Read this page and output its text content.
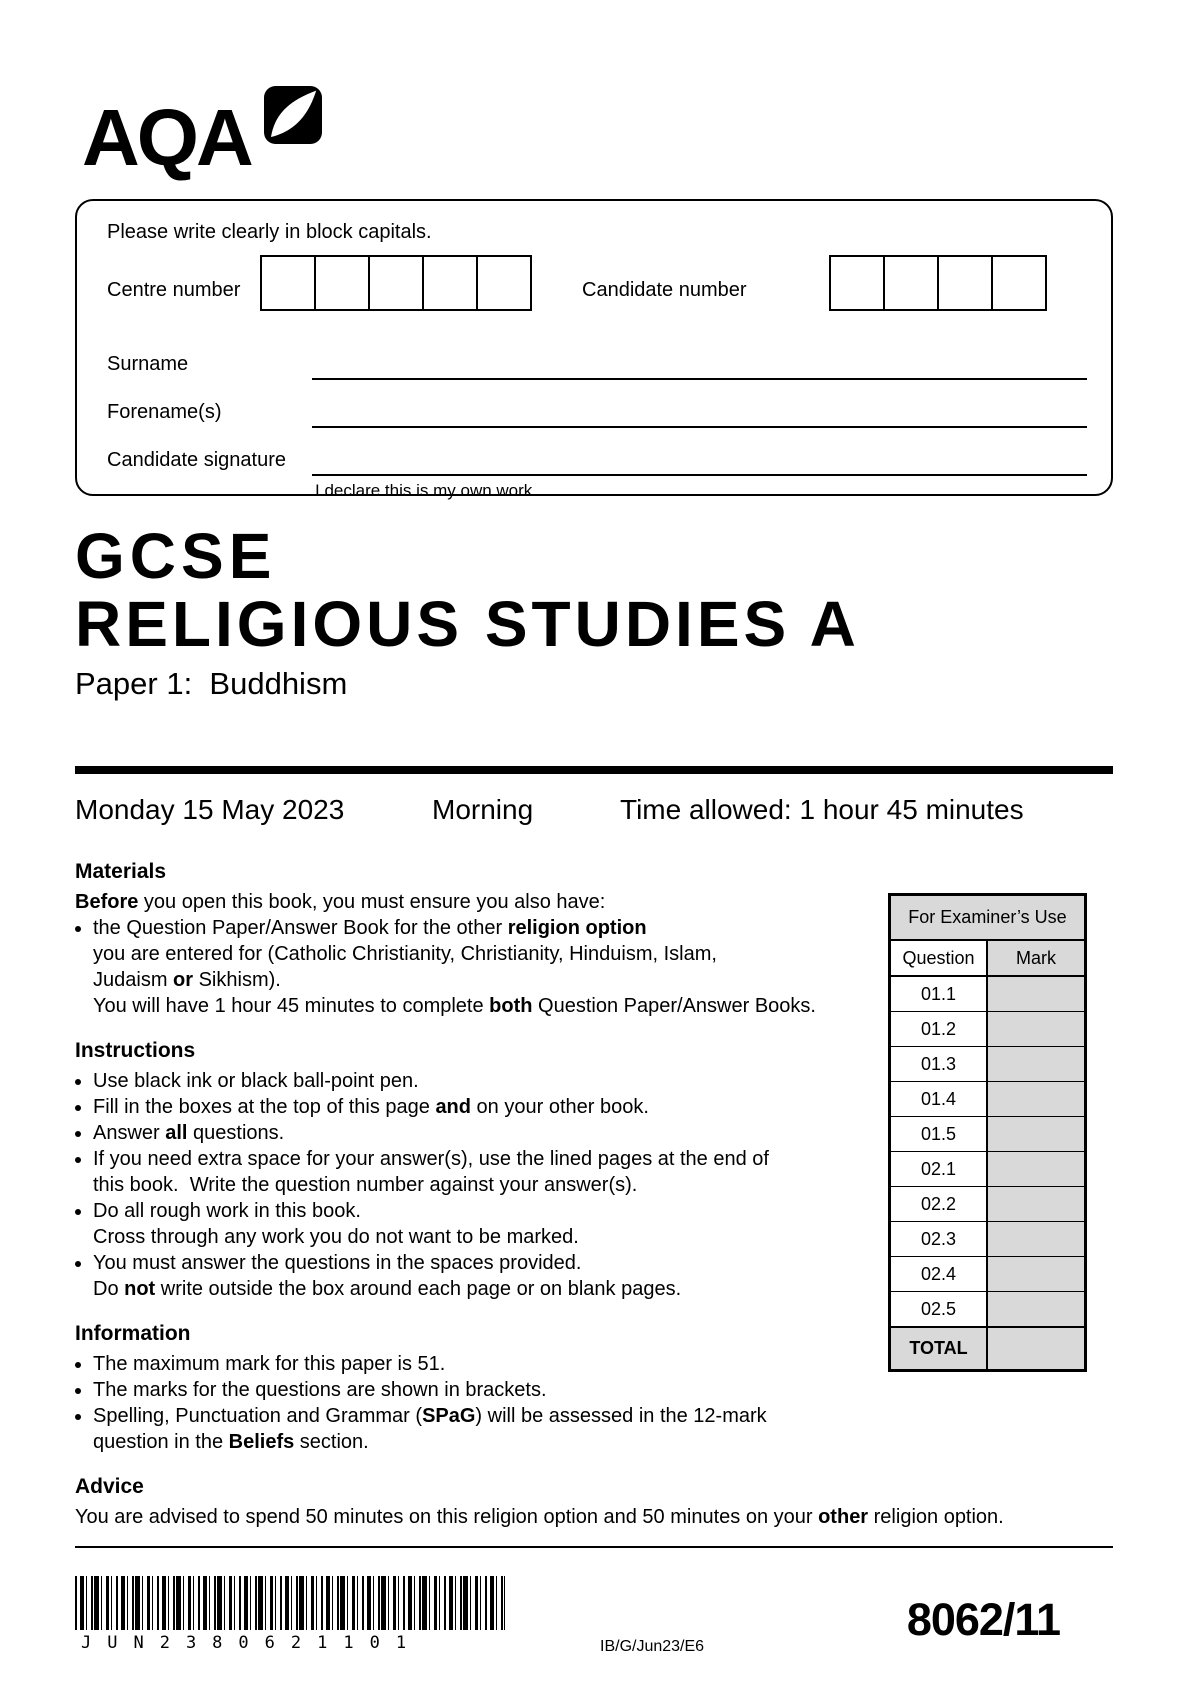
AQA
Please write clearly in block capitals.
Centre number	Candidate number
Surname
Forename(s)
Candidate signature
I declare this is my own work.
GCSE
RELIGIOUS STUDIES A
Paper 1:  Buddhism
Monday 15 May 2023	Morning	Time allowed: 1 hour 45 minutes
Materials

Before you open this book, you must ensure you also have:

• the Question Paper/Answer Book for the other religion option
you are entered for (Catholic Christianity, Christianity, Hinduism, Islam,
Judaism or Sikhism).
You will have 1 hour 45 minutes to complete both Question Paper/Answer Books.
Instructions
• Use black ink or black ball-point pen.
• Fill in the boxes at the top of this page and on your other book.
• Answer all questions.
• If you need extra space for your answer(s), use the lined pages at the end of
this book.  Write the question number against your answer(s).
• Do all rough work in this book.
Cross through any work you do not want to be marked.
• You must answer the questions in the spaces provided.
Do not write outside the box around each page or on blank pages.
Information
• The maximum mark for this paper is 51.
• The marks for the questions are shown in brackets.
• Spelling, Punctuation and Grammar (SPaG) will be assessed in the 12-mark
question in the Beliefs section.
Advice

You are advised to spend 50 minutes on this religion option and 50 minutes on your other religion option.

For Examiner’s Use
Question	Mark
01.1
01.2
01.3
01.4
01.5
02.1
02.2
02.3
02.4
02.5
TOTAL
JUN2380621101	IB/G/Jun23/E6
8062/11
